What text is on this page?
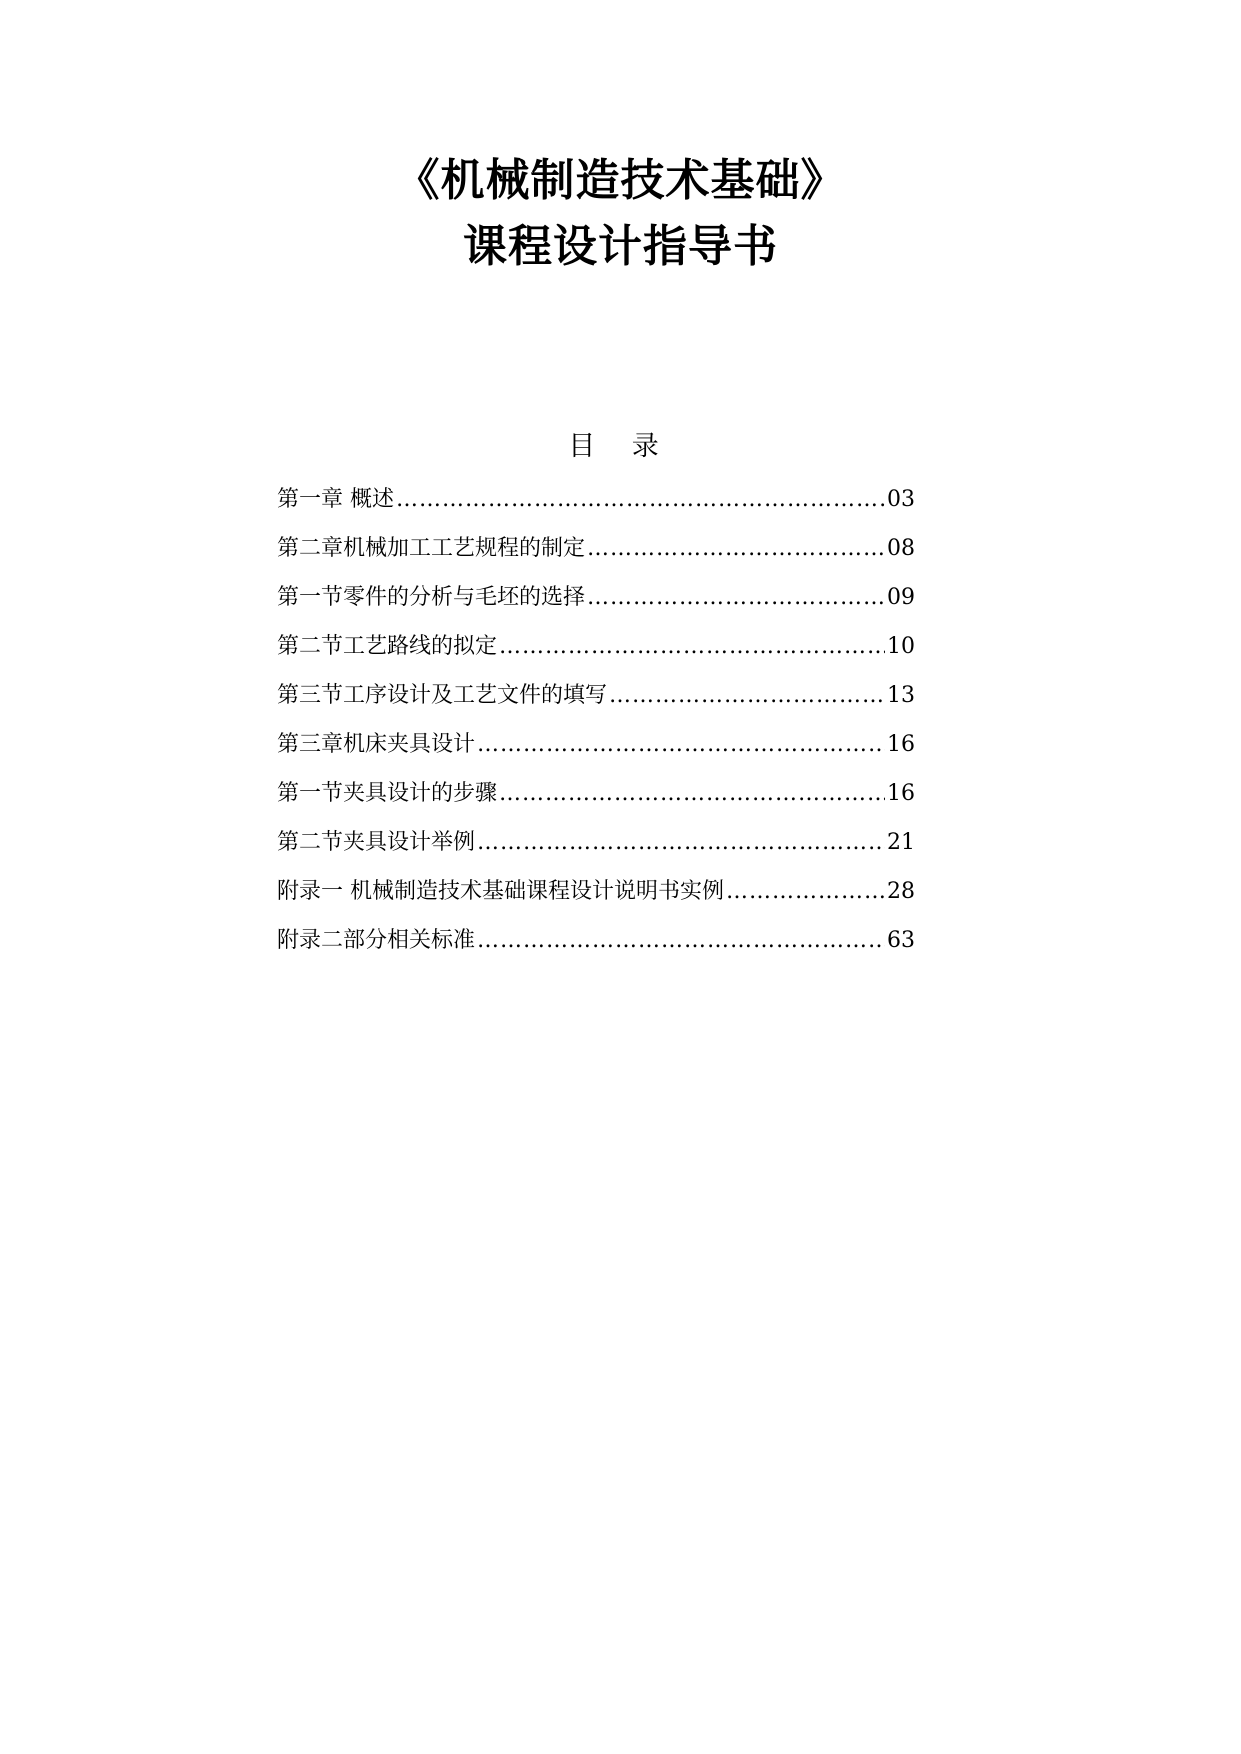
《机械制造技术基础》
课程设计指导书
目 录
第一章 概述 ……………………………………………………………………………………………………………………………………………………………………	03
第二章机械加工工艺规程的制定 ……………………………………………………………………………………………………………………………………………………………………	08
第一节零件的分析与毛坯的选择 ……………………………………………………………………………………………………………………………………………………………………	09
第二节工艺路线的拟定 ……………………………………………………………………………………………………………………………………………………………………	10
第三节工序设计及工艺文件的填写 ……………………………………………………………………………………………………………………………………………………………………	13
第三章机床夹具设计 ……………………………………………………………………………………………………………………………………………………………………	16
第一节夹具设计的步骤 ……………………………………………………………………………………………………………………………………………………………………	16
第二节夹具设计举例 ……………………………………………………………………………………………………………………………………………………………………	21
附录一 机械制造技术基础课程设计说明书实例 ……………………………………………………………………………………………………………………………………………………………………	28
附录二部分相关标准 ……………………………………………………………………………………………………………………………………………………………………	63
